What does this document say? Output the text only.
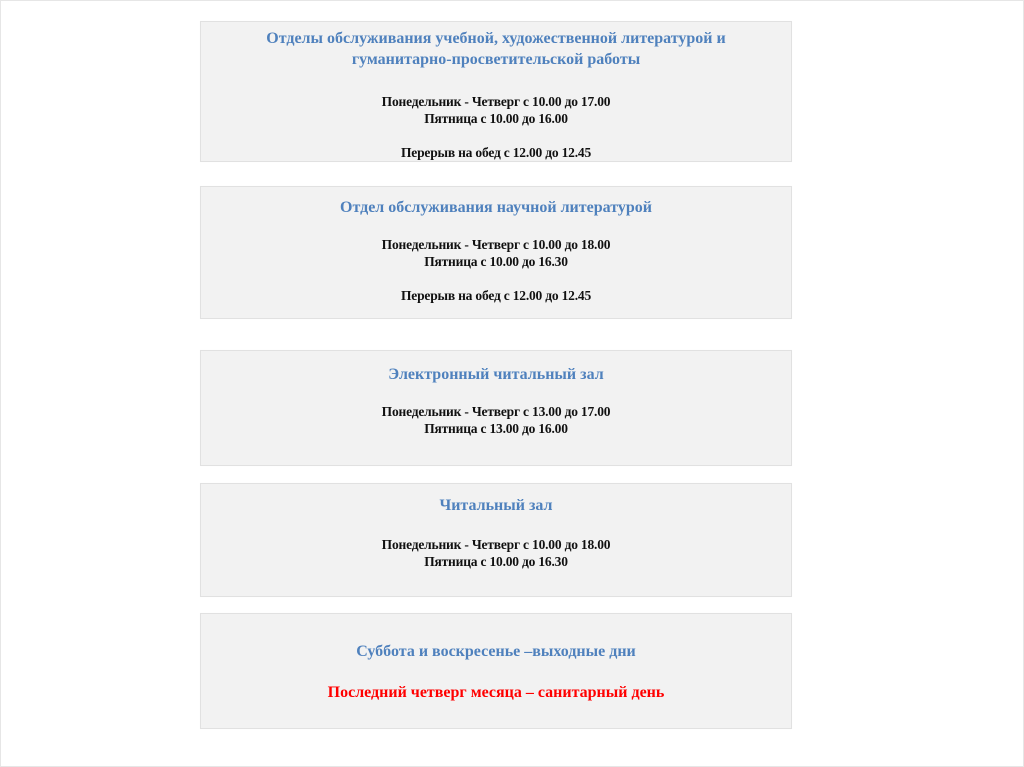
Отделы обслуживания учебной, художественной литературой и
гуманитарно-просветительской работы

Понедельник - Четверг с 10.00 до 17.00

Пятница с 10.00 до 16.00

Перерыв на обед с 12.00 до 12.45

Отдел обслуживания научной литературой

Понедельник - Четверг с 10.00 до 18.00

Пятница с 10.00 до 16.30

Перерыв на обед с 12.00 до 12.45

Электронный читальный зал

Понедельник - Четверг с 13.00 до 17.00

Пятница с 13.00 до 16.00

Читальный зал

Понедельник - Четверг с 10.00 до 18.00

Пятница с 10.00 до 16.30

Суббота и воскресенье –выходные дни

Последний четверг месяца – санитарный день
